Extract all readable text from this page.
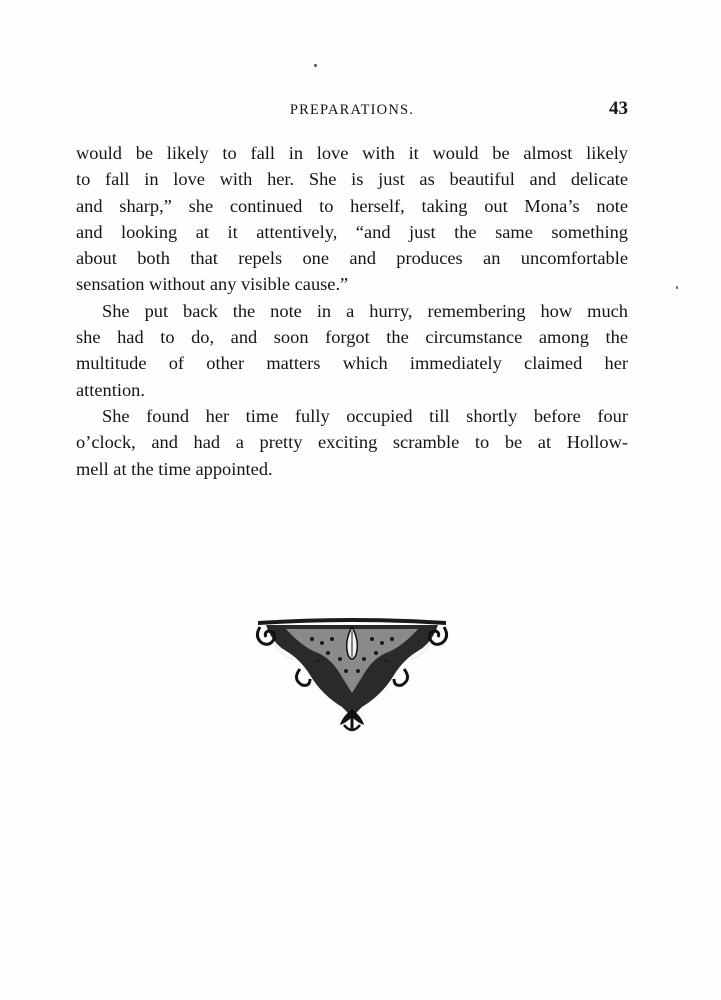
PREPARATIONS.	43

would be likely to fall in love with it would be almost likely
to fall in love with her. She is just as beautiful and delicate
and sharp,” she continued to herself, taking out Mona’s note
and looking at it attentively, “and just the same something
about both that repels one and produces an uncomfortable
sensation without any visible cause.”

She put back the note in a hurry, remembering how much
she had to do, and soon forgot the circumstance among the
multitude of other matters which immediately claimed her
attention.

She found her time fully occupied till shortly before four
o’clock, and had a pretty exciting scramble to be at Hollow-
mell at the time appointed.
